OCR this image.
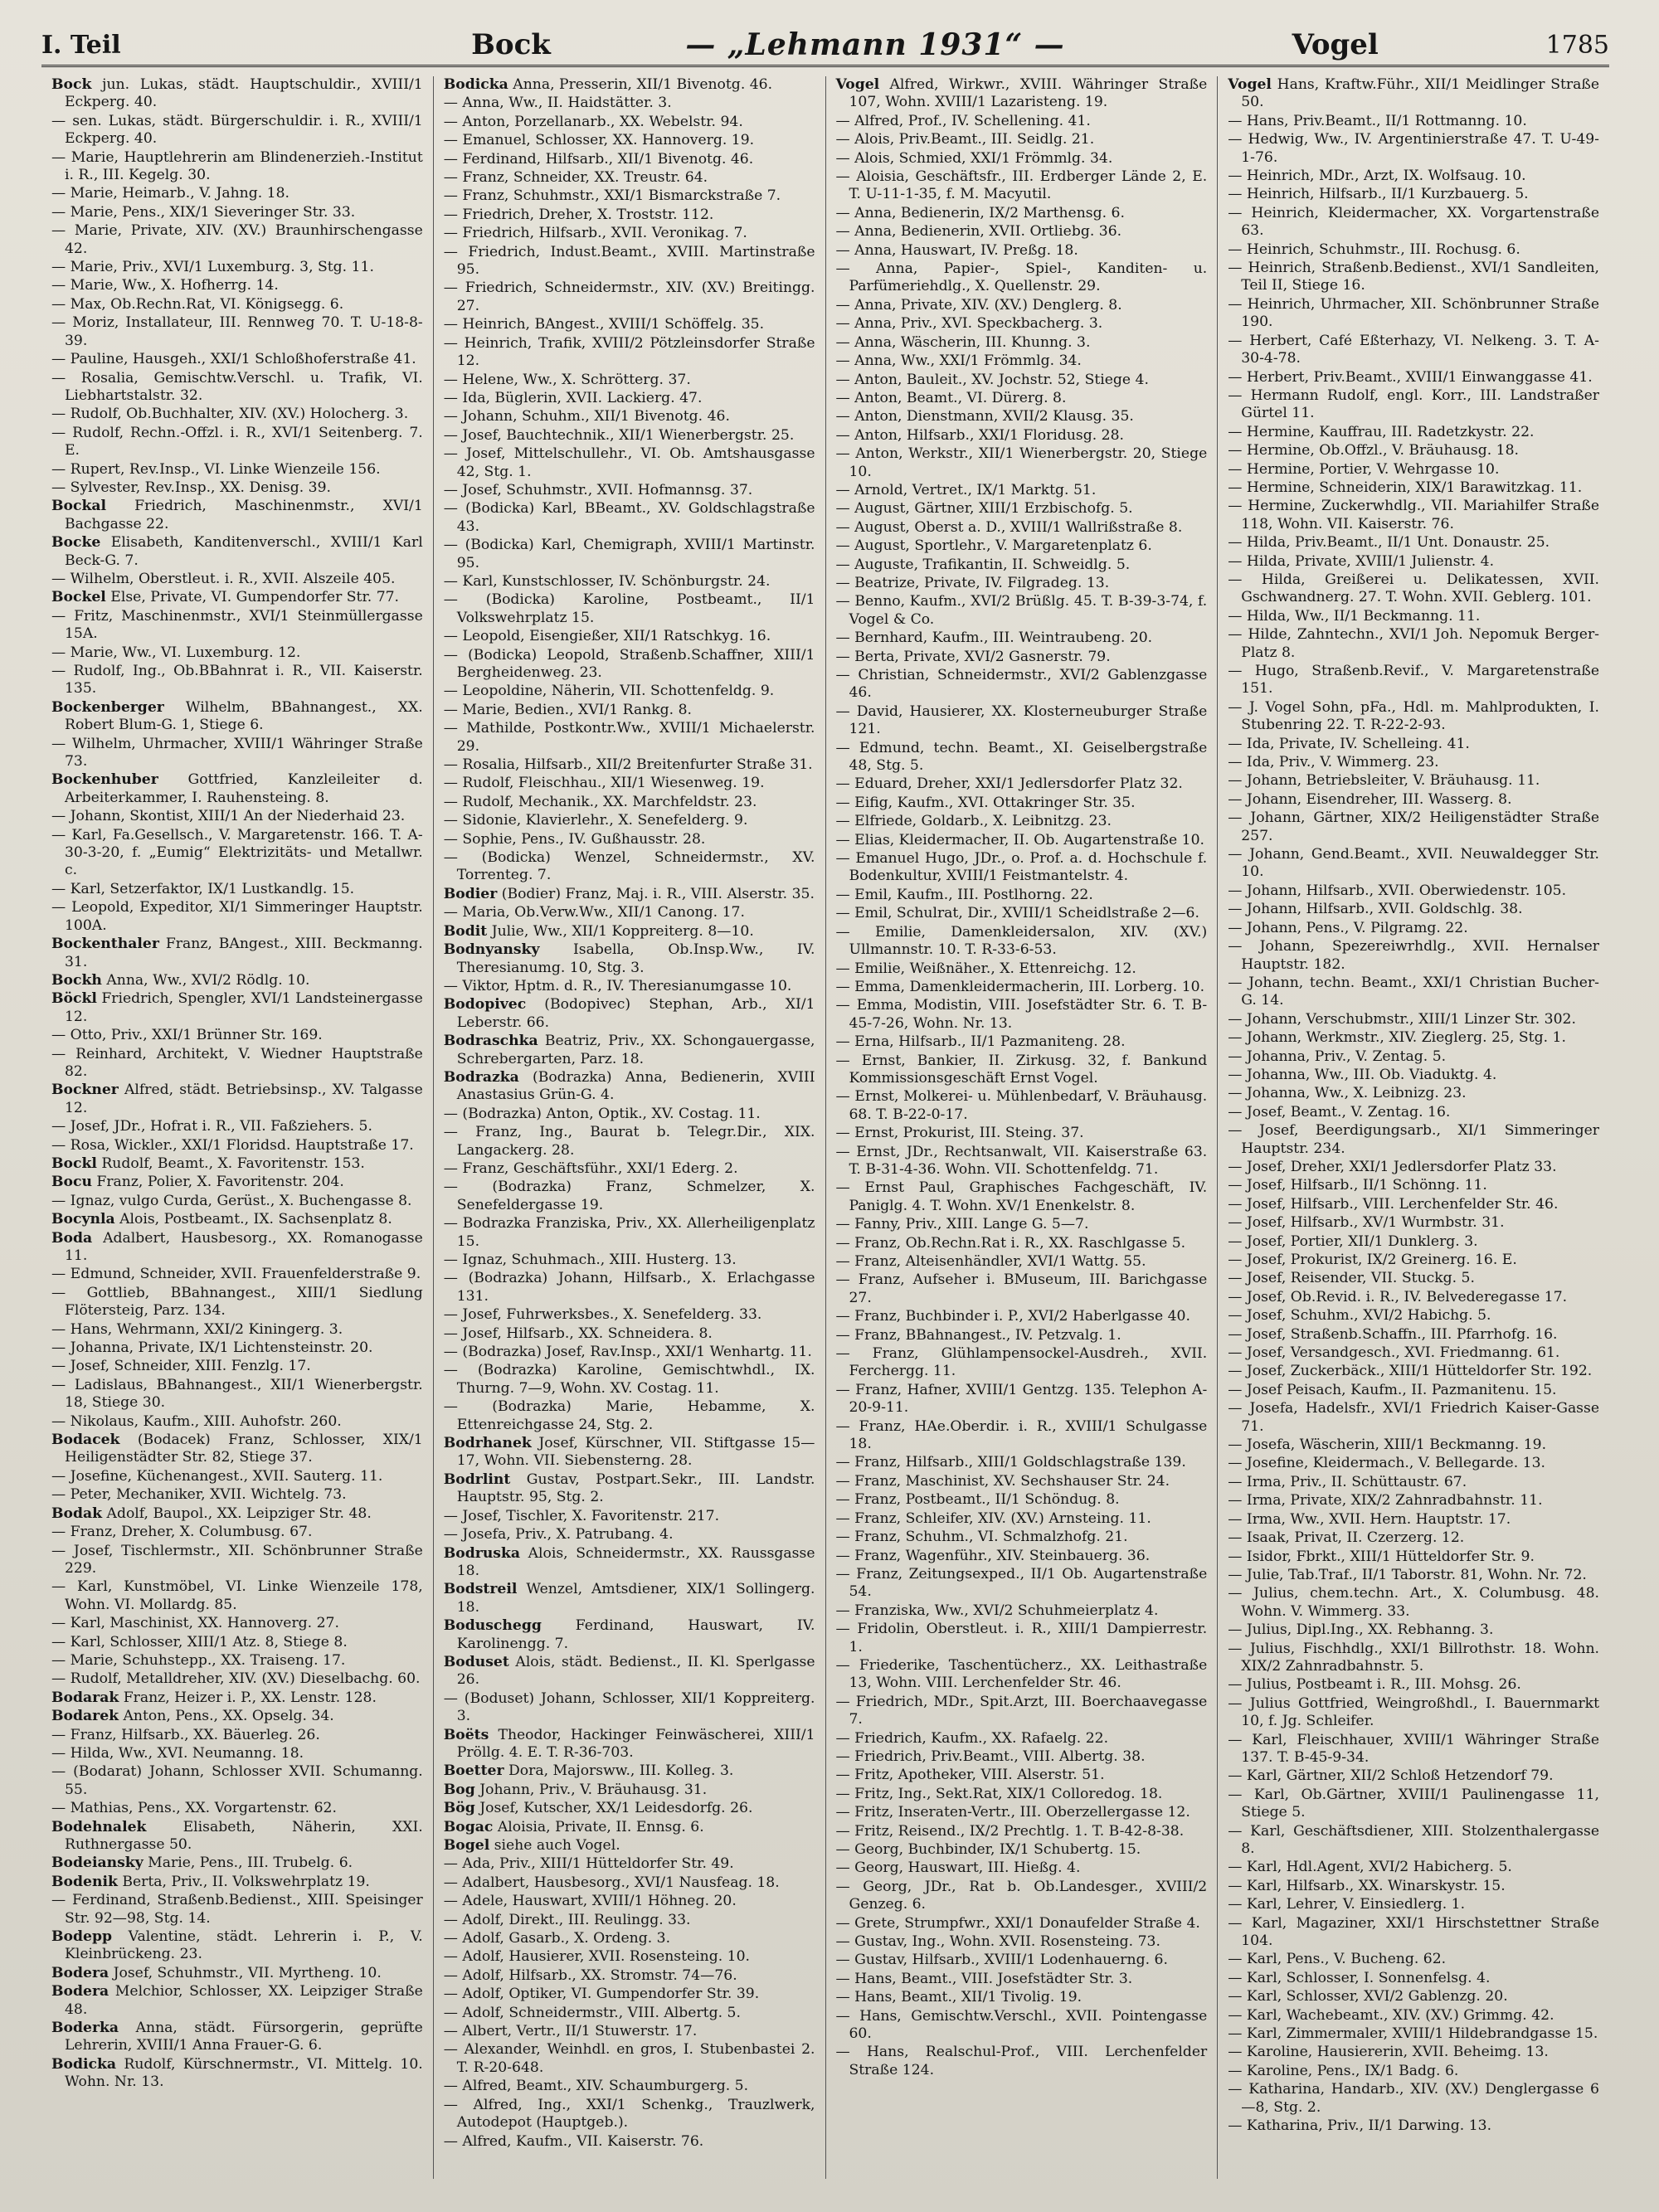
I. Teil	Bock	— „Lehmann 1931“ —	Vogel	1785
Bock jun. Lukas, städt. Hauptschuldir., XVIII/1 Eckperg. 40.
— sen. Lukas, städt. Bürgerschuldir. i. R., XVIII/1 Eckperg. 40.
— Marie, Hauptlehrerin am Blindenerzieh.-Institut i. R., III. Kegelg. 30.
— Marie, Heimarb., V. Jahng. 18.
— Marie, Pens., XIX/1 Sieveringer Str. 33.
— Marie, Private, XIV. (XV.) Braunhirschengasse 42.
— Marie, Priv., XVI/1 Luxemburg. 3, Stg. 11.
— Marie, Ww., X. Hofherrg. 14.
— Max, Ob.Rechn.Rat, VI. Königsegg. 6.
— Moriz, Installateur, III. Rennweg 70. T. U-18-8-39.
— Pauline, Hausgeh., XXI/1 Schloßhoferstraße 41.
— Rosalia, Gemischtw.Verschl. u. Trafik, VI. Liebhartstalstr. 32.
— Rudolf, Ob.Buchhalter, XIV. (XV.) Holocherg. 3.
— Rudolf, Rechn.-Offzl. i. R., XVI/1 Seitenberg. 7. E.
— Rupert, Rev.Insp., VI. Linke Wienzeile 156.
— Sylvester, Rev.Insp., XX. Denisg. 39.
Bockal Friedrich, Maschinenmstr., XVI/1 Bachgasse 22.
Bocke Elisabeth, Kanditenverschl., XVIII/1 Karl Beck-G. 7.
— Wilhelm, Oberstleut. i. R., XVII. Alszeile 405.
Bockel Else, Private, VI. Gumpendorfer Str. 77.
— Fritz, Maschinenmstr., XVI/1 Steinmüllergasse 15A.
— Marie, Ww., VI. Luxemburg. 12.
— Rudolf, Ing., Ob.BBahnrat i. R., VII. Kaiserstr. 135.
Bockenberger Wilhelm, BBahnangest., XX. Robert Blum-G. 1, Stiege 6.
— Wilhelm, Uhrmacher, XVIII/1 Währinger Straße 73.
Bockenhuber Gottfried, Kanzleileiter d. Arbeiterkammer, I. Rauhensteing. 8.
— Johann, Skontist, XIII/1 An der Niederhaid 23.
— Karl, Fa.Gesellsch., V. Margaretenstr. 166. T. A-30-3-20, f. „Eumig“ Elektrizitäts- und Metallwr. c.
— Karl, Setzerfaktor, IX/1 Lustkandlg. 15.
— Leopold, Expeditor, XI/1 Simmeringer Hauptstr. 100A.
Bockenthaler Franz, BAngest., XIII. Beckmanng. 31.
Bockh Anna, Ww., XVI/2 Rödlg. 10.
Böckl Friedrich, Spengler, XVI/1 Landsteinergasse 12.
— Otto, Priv., XXI/1 Brünner Str. 169.
— Reinhard, Architekt, V. Wiedner Hauptstraße 82.
Bockner Alfred, städt. Betriebsinsp., XV. Talgasse 12.
— Josef, JDr., Hofrat i. R., VII. Faßziehers. 5.
— Rosa, Wickler., XXI/1 Floridsd. Hauptstraße 17.
Bockl Rudolf, Beamt., X. Favoritenstr. 153.
Bocu Franz, Polier, X. Favoritenstr. 204.
— Ignaz, vulgo Curda, Gerüst., X. Buchengasse 8.
Bocynla Alois, Postbeamt., IX. Sachsenplatz 8.
Boda Adalbert, Hausbesorg., XX. Romanogasse 11.
— Edmund, Schneider, XVII. Frauenfelderstraße 9.
— Gottlieb, BBahnangest., XIII/1 Siedlung Flötersteig, Parz. 134.
— Hans, Wehrmann, XXI/2 Kiningerg. 3.
— Johanna, Private, IX/1 Lichtensteinstr. 20.
— Josef, Schneider, XIII. Fenzlg. 17.
— Ladislaus, BBahnangest., XII/1 Wienerbergstr. 18, Stiege 30.
— Nikolaus, Kaufm., XIII. Auhofstr. 260.
Bodacek (Bodacek) Franz, Schlosser, XIX/1 Heiligenstädter Str. 82, Stiege 37.
— Josefine, Küchenangest., XVII. Sauterg. 11.
— Peter, Mechaniker, XVII. Wichtelg. 73.
Bodak Adolf, Baupol., XX. Leipziger Str. 48.
— Franz, Dreher, X. Columbusg. 67.
— Josef, Tischlermstr., XII. Schönbrunner Straße 229.
— Karl, Kunstmöbel, VI. Linke Wienzeile 178, Wohn. VI. Mollardg. 85.
— Karl, Maschinist, XX. Hannoverg. 27.
— Karl, Schlosser, XIII/1 Atz. 8, Stiege 8.
— Marie, Schuhstepp., XX. Traiseng. 17.
— Rudolf, Metalldreher, XIV. (XV.) Dieselbachg. 60.
Bodarak Franz, Heizer i. P., XX. Lenstr. 128.
Bodarek Anton, Pens., XX. Opselg. 34.
— Franz, Hilfsarb., XX. Bäuerleg. 26.
— Hilda, Ww., XVI. Neumanng. 18.
— (Bodarat) Johann, Schlosser XVII. Schumanng. 55.
— Mathias, Pens., XX. Vorgartenstr. 62.
Bodehnalek Elisabeth, Näherin, XXI. Ruthnergasse 50.
Bodeiansky Marie, Pens., III. Trubelg. 6.
Bodenik Berta, Priv., II. Volkswehrplatz 19.
— Ferdinand, Straßenb.Bedienst., XIII. Speisinger Str. 92—98, Stg. 14.
Bodepp Valentine, städt. Lehrerin i. P., V. Kleinbrückeng. 23.
Bodera Josef, Schuhmstr., VII. Myrtheng. 10.
Bodera Melchior, Schlosser, XX. Leipziger Straße 48.
Boderka Anna, städt. Fürsorgerin, geprüfte Lehrerin, XVIII/1 Anna Frauer-G. 6.
Bodicka Rudolf, Kürschnermstr., VI. Mittelg. 10. Wohn. Nr. 13.
Bodicka Anna, Presserin, XII/1 Bivenotg. 46.
— Anna, Ww., II. Haidstätter. 3.
— Anton, Porzellanarb., XX. Webelstr. 94.
— Emanuel, Schlosser, XX. Hannoverg. 19.
— Ferdinand, Hilfsarb., XII/1 Bivenotg. 46.
— Franz, Schneider, XX. Treustr. 64.
— Franz, Schuhmstr., XXI/1 Bismarckstraße 7.
— Friedrich, Dreher, X. Troststr. 112.
— Friedrich, Hilfsarb., XVII. Veronikag. 7.
— Friedrich, Indust.Beamt., XVIII. Martinstraße 95.
— Friedrich, Schneidermstr., XIV. (XV.) Breitingg. 27.
— Heinrich, BAngest., XVIII/1 Schöffelg. 35.
— Heinrich, Trafik, XVIII/2 Pötzleinsdorfer Straße 12.
— Helene, Ww., X. Schrötterg. 37.
— Ida, Büglerin, XVII. Lackierg. 47.
— Johann, Schuhm., XII/1 Bivenotg. 46.
— Josef, Bauchtechnik., XII/1 Wienerbergstr. 25.
— Josef, Mittelschullehr., VI. Ob. Amtshausgasse 42, Stg. 1.
— Josef, Schuhmstr., XVII. Hofmannsg. 37.
— (Bodicka) Karl, BBeamt., XV. Goldschlagstraße 43.
— (Bodicka) Karl, Chemigraph, XVIII/1 Martinstr. 95.
— Karl, Kunstschlosser, IV. Schönburgstr. 24.
— (Bodicka) Karoline, Postbeamt., II/1 Volkswehrplatz 15.
— Leopold, Eisengießer, XII/1 Ratschkyg. 16.
— (Bodicka) Leopold, Straßenb.Schaffner, XIII/1 Bergheidenweg. 23.
— Leopoldine, Näherin, VII. Schottenfeldg. 9.
— Marie, Bedien., XVI/1 Rankg. 8.
— Mathilde, Postkontr.Ww., XVIII/1 Michaelerstr. 29.
— Rosalia, Hilfsarb., XII/2 Breitenfurter Straße 31.
— Rudolf, Fleischhau., XII/1 Wiesenweg. 19.
— Rudolf, Mechanik., XX. Marchfeldstr. 23.
— Sidonie, Klavierlehr., X. Senefelderg. 9.
— Sophie, Pens., IV. Gußhausstr. 28.
— (Bodicka) Wenzel, Schneidermstr., XV. Torrenteg. 7.
Bodier (Bodier) Franz, Maj. i. R., VIII. Alserstr. 35.
— Maria, Ob.Verw.Ww., XII/1 Canong. 17.
Bodit Julie, Ww., XII/1 Koppreiterg. 8—10.
Bodnyansky Isabella, Ob.Insp.Ww., IV. Theresianumg. 10, Stg. 3.
— Viktor, Hptm. d. R., IV. Theresianumgasse 10.
Bodopivec (Bodopivec) Stephan, Arb., XI/1 Leberstr. 66.
Bodraschka Beatriz, Priv., XX. Schongauergasse, Schrebergarten, Parz. 18.
Bodrazka (Bodrazka) Anna, Bedienerin, XVIII Anastasius Grün-G. 4.
— (Bodrazka) Anton, Optik., XV. Costag. 11.
— Franz, Ing., Baurat b. Telegr.Dir., XIX. Langackerg. 28.
— Franz, Geschäftsführ., XXI/1 Ederg. 2.
— (Bodrazka) Franz, Schmelzer, X. Senefeldergasse 19.
— Bodrazka Franziska, Priv., XX. Allerheiligenplatz 15.
— Ignaz, Schuhmach., XIII. Husterg. 13.
— (Bodrazka) Johann, Hilfsarb., X. Erlachgasse 131.
— Josef, Fuhrwerksbes., X. Senefelderg. 33.
— Josef, Hilfsarb., XX. Schneidera. 8.
— (Bodrazka) Josef, Rav.Insp., XXI/1 Wenhartg. 11.
— (Bodrazka) Karoline, Gemischtwhdl., IX. Thurng. 7—9, Wohn. XV. Costag. 11.
— (Bodrazka) Marie, Hebamme, X. Ettenreichgasse 24, Stg. 2.
Bodrhanek Josef, Kürschner, VII. Stiftgasse 15—17, Wohn. VII. Siebensterng. 28.
Bodrlint Gustav, Postpart.Sekr., III. Landstr. Hauptstr. 95, Stg. 2.
— Josef, Tischler, X. Favoritenstr. 217.
— Josefa, Priv., X. Patrubang. 4.
Bodruska Alois, Schneidermstr., XX. Raussgasse 18.
Bodstreil Wenzel, Amtsdiener, XIX/1 Sollingerg. 18.
Boduschegg Ferdinand, Hauswart, IV. Karolinengg. 7.
Boduset Alois, städt. Bedienst., II. Kl. Sperlgasse 26.
— (Boduset) Johann, Schlosser, XII/1 Koppreiterg. 3.
Boëts Theodor, Hackinger Feinwäscherei, XIII/1 Pröllg. 4. E. T. R-36-703.
Boetter Dora, Majorsww., III. Kolleg. 3.
Bog Johann, Priv., V. Bräuhausg. 31.
Bög Josef, Kutscher, XX/1 Leidesdorfg. 26.
Bogac Aloisia, Private, II. Ennsg. 6.
Bogel siehe auch Vogel.
— Ada, Priv., XIII/1 Hütteldorfer Str. 49.
— Adalbert, Hausbesorg., XVI/1 Nausfeag. 18.
— Adele, Hauswart, XVIII/1 Höhneg. 20.
— Adolf, Direkt., III. Reulingg. 33.
— Adolf, Gasarb., X. Ordeng. 3.
— Adolf, Hausierer, XVII. Rosensteing. 10.
— Adolf, Hilfsarb., XX. Stromstr. 74—76.
— Adolf, Optiker, VI. Gumpendorfer Str. 39.
— Adolf, Schneidermstr., VIII. Albertg. 5.
— Albert, Vertr., II/1 Stuwerstr. 17.
— Alexander, Weinhdl. en gros, I. Stubenbastei 2. T. R-20-648.
— Alfred, Beamt., XIV. Schaumburgerg. 5.
— Alfred, Ing., XXI/1 Schenkg., Trauzlwerk, Autodepot (Hauptgeb.).
— Alfred, Kaufm., VII. Kaiserstr. 76.
Vogel Alfred, Wirkwr., XVIII. Währinger Straße 107, Wohn. XVIII/1 Lazaristeng. 19.
— Alfred, Prof., IV. Schellening. 41.
— Alois, Priv.Beamt., III. Seidlg. 21.
— Alois, Schmied, XXI/1 Frömmlg. 34.
— Aloisia, Geschäftsfr., III. Erdberger Lände 2, E. T. U-11-1-35, f. M. Macyutil.
— Anna, Bedienerin, IX/2 Marthensg. 6.
— Anna, Bedienerin, XVII. Ortliebg. 36.
— Anna, Hauswart, IV. Preßg. 18.
— Anna, Papier-, Spiel-, Kanditen- u. Parfümeriehdlg., X. Quellenstr. 29.
— Anna, Private, XIV. (XV.) Denglerg. 8.
— Anna, Priv., XVI. Speckbacherg. 3.
— Anna, Wäscherin, III. Khunng. 3.
— Anna, Ww., XXI/1 Frömmlg. 34.
— Anton, Bauleit., XV. Jochstr. 52, Stiege 4.
— Anton, Beamt., VI. Dürerg. 8.
— Anton, Dienstmann, XVII/2 Klausg. 35.
— Anton, Hilfsarb., XXI/1 Floridusg. 28.
— Anton, Werkstr., XII/1 Wienerbergstr. 20, Stiege 10.
— Arnold, Vertret., IX/1 Marktg. 51.
— August, Gärtner, XIII/1 Erzbischofg. 5.
— August, Oberst a. D., XVIII/1 Wallrißstraße 8.
— August, Sportlehr., V. Margaretenplatz 6.
— Auguste, Trafikantin, II. Schweidlg. 5.
— Beatrize, Private, IV. Filgradeg. 13.
— Benno, Kaufm., XVI/2 Brüßlg. 45. T. B-39-3-74, f. Vogel & Co.
— Bernhard, Kaufm., III. Weintraubeng. 20.
— Berta, Private, XVI/2 Gasnerstr. 79.
— Christian, Schneidermstr., XVI/2 Gablenzgasse 46.
— David, Hausierer, XX. Klosterneuburger Straße 121.
— Edmund, techn. Beamt., XI. Geiselbergstraße 48, Stg. 5.
— Eduard, Dreher, XXI/1 Jedlersdorfer Platz 32.
— Eifig, Kaufm., XVI. Ottakringer Str. 35.
— Elfriede, Goldarb., X. Leibnitzg. 23.
— Elias, Kleidermacher, II. Ob. Augartenstraße 10.
— Emanuel Hugo, JDr., o. Prof. a. d. Hochschule f. Bodenkultur, XVIII/1 Feistmantelstr. 4.
— Emil, Kaufm., III. Postlhorng. 22.
— Emil, Schulrat, Dir., XVIII/1 Scheidlstraße 2—6.
— Emilie, Damenkleidersalon, XIV. (XV.) Ullmannstr. 10. T. R-33-6-53.
— Emilie, Weißnäher., X. Ettenreichg. 12.
— Emma, Damenkleidermacherin, III. Lorberg. 10.
— Emma, Modistin, VIII. Josefstädter Str. 6. T. B-45-7-26, Wohn. Nr. 13.
— Erna, Hilfsarb., II/1 Pazmaniteng. 28.
— Ernst, Bankier, II. Zirkusg. 32, f. Bankund Kommissionsgeschäft Ernst Vogel.
— Ernst, Molkerei- u. Mühlenbedarf, V. Bräuhausg. 68. T. B-22-0-17.
— Ernst, Prokurist, III. Steing. 37.
— Ernst, JDr., Rechtsanwalt, VII. Kaiserstraße 63. T. B-31-4-36. Wohn. VII. Schottenfeldg. 71.
— Ernst Paul, Graphisches Fachgeschäft, IV. Paniglg. 4. T. Wohn. XV/1 Enenkelstr. 8.
— Fanny, Priv., XIII. Lange G. 5—7.
— Franz, Ob.Rechn.Rat i. R., XX. Raschlgasse 5.
— Franz, Alteisenhändler, XVI/1 Wattg. 55.
— Franz, Aufseher i. BMuseum, III. Barichgasse 27.
— Franz, Buchbinder i. P., XVI/2 Haberlgasse 40.
— Franz, BBahnangest., IV. Petzvalg. 1.
— Franz, Glühlampensockel-Ausdreh., XVII. Ferchergg. 11.
— Franz, Hafner, XVIII/1 Gentzg. 135. Telephon A-20-9-11.
— Franz, HAe.Oberdir. i. R., XVIII/1 Schulgasse 18.
— Franz, Hilfsarb., XIII/1 Goldschlagstraße 139.
— Franz, Maschinist, XV. Sechshauser Str. 24.
— Franz, Postbeamt., II/1 Schöndug. 8.
— Franz, Schleifer, XIV. (XV.) Arnsteing. 11.
— Franz, Schuhm., VI. Schmalzhofg. 21.
— Franz, Wagenführ., XIV. Steinbauerg. 36.
— Franz, Zeitungsexped., II/1 Ob. Augartenstraße 54.
— Franziska, Ww., XVI/2 Schuhmeierplatz 4.
— Fridolin, Oberstleut. i. R., XIII/1 Dampierrestr. 1.
— Friederike, Taschentücherz., XX. Leithastraße 13, Wohn. VIII. Lerchenfelder Str. 46.
— Friedrich, MDr., Spit.Arzt, III. Boerchaavegasse 7.
— Friedrich, Kaufm., XX. Rafaelg. 22.
— Friedrich, Priv.Beamt., VIII. Albertg. 38.
— Fritz, Apotheker, VIII. Alserstr. 51.
— Fritz, Ing., Sekt.Rat, XIX/1 Colloredog. 18.
— Fritz, Inseraten-Vertr., III. Oberzellergasse 12.
— Fritz, Reisend., IX/2 Prechtlg. 1. T. B-42-8-38.
— Georg, Buchbinder, IX/1 Schubertg. 15.
— Georg, Hauswart, III. Hießg. 4.
— Georg, JDr., Rat b. Ob.Landesger., XVIII/2 Genzeg. 6.
— Grete, Strumpfwr., XXI/1 Donaufelder Straße 4.
— Gustav, Ing., Wohn. XVII. Rosensteing. 73.
— Gustav, Hilfsarb., XVIII/1 Lodenhauerng. 6.
— Hans, Beamt., VIII. Josefstädter Str. 3.
— Hans, Beamt., XII/1 Tivolig. 19.
— Hans, Gemischtw.Verschl., XVII. Pointengasse 60.
— Hans, Realschul-Prof., VIII. Lerchenfelder Straße 124.
Vogel Hans, Kraftw.Führ., XII/1 Meidlinger Straße 50.
— Hans, Priv.Beamt., II/1 Rottmanng. 10.
— Hedwig, Ww., IV. Argentinierstraße 47. T. U-49-1-76.
— Heinrich, MDr., Arzt, IX. Wolfsaug. 10.
— Heinrich, Hilfsarb., II/1 Kurzbauerg. 5.
— Heinrich, Kleidermacher, XX. Vorgartenstraße 63.
— Heinrich, Schuhmstr., III. Rochusg. 6.
— Heinrich, Straßenb.Bedienst., XVI/1 Sandleiten, Teil II, Stiege 16.
— Heinrich, Uhrmacher, XII. Schönbrunner Straße 190.
— Herbert, Café Eßterhazy, VI. Nelkeng. 3. T. A-30-4-78.
— Herbert, Priv.Beamt., XVIII/1 Einwanggasse 41.
— Hermann Rudolf, engl. Korr., III. Landstraßer Gürtel 11.
— Hermine, Kauffrau, III. Radetzkystr. 22.
— Hermine, Ob.Offzl., V. Bräuhausg. 18.
— Hermine, Portier, V. Wehrgasse 10.
— Hermine, Schneiderin, XIX/1 Barawitzkag. 11.
— Hermine, Zuckerwhdlg., VII. Mariahilfer Straße 118, Wohn. VII. Kaiserstr. 76.
— Hilda, Priv.Beamt., II/1 Unt. Donaustr. 25.
— Hilda, Private, XVIII/1 Julienstr. 4.
— Hilda, Greißerei u. Delikatessen, XVII. Gschwandnerg. 27. T. Wohn. XVII. Geblerg. 101.
— Hilda, Ww., II/1 Beckmanng. 11.
— Hilde, Zahntechn., XVI/1 Joh. Nepomuk Berger-Platz 8.
— Hugo, Straßenb.Revif., V. Margaretenstraße 151.
— J. Vogel Sohn, pFa., Hdl. m. Mahlprodukten, I. Stubenring 22. T. R-22-2-93.
— Ida, Private, IV. Schelleing. 41.
— Ida, Priv., V. Wimmerg. 23.
— Johann, Betriebsleiter, V. Bräuhausg. 11.
— Johann, Eisendreher, III. Wasserg. 8.
— Johann, Gärtner, XIX/2 Heiligenstädter Straße 257.
— Johann, Gend.Beamt., XVII. Neuwaldegger Str. 10.
— Johann, Hilfsarb., XVII. Oberwiedenstr. 105.
— Johann, Hilfsarb., XVII. Goldschlg. 38.
— Johann, Pens., V. Pilgramg. 22.
— Johann, Spezereiwrhdlg., XVII. Hernalser Hauptstr. 182.
— Johann, techn. Beamt., XXI/1 Christian Bucher-G. 14.
— Johann, Verschubmstr., XIII/1 Linzer Str. 302.
— Johann, Werkmstr., XIV. Zieglerg. 25, Stg. 1.
— Johanna, Priv., V. Zentag. 5.
— Johanna, Ww., III. Ob. Viaduktg. 4.
— Johanna, Ww., X. Leibnizg. 23.
— Josef, Beamt., V. Zentag. 16.
— Josef, Beerdigungsarb., XI/1 Simmeringer Hauptstr. 234.
— Josef, Dreher, XXI/1 Jedlersdorfer Platz 33.
— Josef, Hilfsarb., II/1 Schönng. 11.
— Josef, Hilfsarb., VIII. Lerchenfelder Str. 46.
— Josef, Hilfsarb., XV/1 Wurmbstr. 31.
— Josef, Portier, XII/1 Dunklerg. 3.
— Josef, Prokurist, IX/2 Greinerg. 16. E.
— Josef, Reisender, VII. Stuckg. 5.
— Josef, Ob.Revid. i. R., IV. Belvederegasse 17.
— Josef, Schuhm., XVI/2 Habichg. 5.
— Josef, Straßenb.Schaffn., III. Pfarrhofg. 16.
— Josef, Versandgesch., XVI. Friedmanng. 61.
— Josef, Zuckerbäck., XIII/1 Hütteldorfer Str. 192.
— Josef Peisach, Kaufm., II. Pazmanitenu. 15.
— Josefa, Hadelsfr., XVI/1 Friedrich Kaiser-Gasse 71.
— Josefa, Wäscherin, XIII/1 Beckmanng. 19.
— Josefine, Kleidermach., V. Bellegarde. 13.
— Irma, Priv., II. Schüttaustr. 67.
— Irma, Private, XIX/2 Zahnradbahnstr. 11.
— Irma, Ww., XVII. Hern. Hauptstr. 17.
— Isaak, Privat, II. Czerzerg. 12.
— Isidor, Fbrkt., XIII/1 Hütteldorfer Str. 9.
— Julie, Tab.Traf., II/1 Taborstr. 81, Wohn. Nr. 72.
— Julius, chem.techn. Art., X. Columbusg. 48. Wohn. V. Wimmerg. 33.
— Julius, Dipl.Ing., XX. Rebhanng. 3.
— Julius, Fischhdlg., XXI/1 Billrothstr. 18. Wohn. XIX/2 Zahnradbahnstr. 5.
— Julius, Postbeamt i. R., III. Mohsg. 26.
— Julius Gottfried, Weingroßhdl., I. Bauernmarkt 10, f. Jg. Schleifer.
— Karl, Fleischhauer, XVIII/1 Währinger Straße 137. T. B-45-9-34.
— Karl, Gärtner, XII/2 Schloß Hetzendorf 79.
— Karl, Ob.Gärtner, XVIII/1 Paulinengasse 11, Stiege 5.
— Karl, Geschäftsdiener, XIII. Stolzenthalergasse 8.
— Karl, Hdl.Agent, XVI/2 Habicherg. 5.
— Karl, Hilfsarb., XX. Winarskystr. 15.
— Karl, Lehrer, V. Einsiedlerg. 1.
— Karl, Magaziner, XXI/1 Hirschstettner Straße 104.
— Karl, Pens., V. Bucheng. 62.
— Karl, Schlosser, I. Sonnenfelsg. 4.
— Karl, Schlosser, XVI/2 Gablenzg. 20.
— Karl, Wachebeamt., XIV. (XV.) Grimmg. 42.
— Karl, Zimmermaler, XVIII/1 Hildebrandgasse 15.
— Karoline, Hausiererin, XVII. Beheimg. 13.
— Karoline, Pens., IX/1 Badg. 6.
— Katharina, Handarb., XIV. (XV.) Denglergasse 6—8, Stg. 2.
— Katharina, Priv., II/1 Darwing. 13.
